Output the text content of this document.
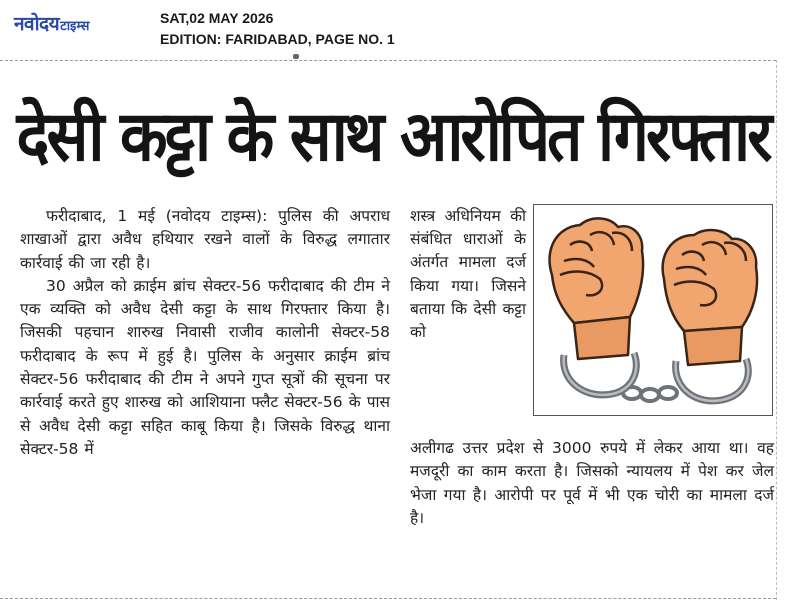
नवोदय टाइम्स
SAT,02 MAY 2026
EDITION: FARIDABAD, PAGE NO. 1
देसी कट्टा के साथ आरोपित गिरफ्तार

फरीदाबाद, 1 मई (नवोदय टाइम्स): पुलिस की अपराध शाखाओं द्वारा अवैध हथियार रखने वालों के विरुद्ध लगातार कार्रवाई की जा रही है।

30 अप्रैल को क्राईम ब्रांच सेक्टर-56 फरीदाबाद की टीम ने एक व्यक्ति को अवैध देसी कट्टा के साथ गिरफ्तार किया है। जिसकी पहचान शारुख निवासी राजीव कालोनी सेक्टर-58 फरीदाबाद के रूप में हुई है। पुलिस के अनुसार क्राईम ब्रांच सेक्टर-56 फरीदाबाद की टीम ने अपने गुप्त सूत्रों की सूचना पर कार्रवाई करते हुए शारुख को आशियाना फ्लैट सेक्टर-56 के पास से अवैध देसी कट्टा सहित काबू किया है। जिसके विरुद्ध थाना सेक्टर-58 में

शस्त्र अधिनियम की संबंधित धाराओं के अंतर्गत मामला दर्ज किया गया। जिसने बताया कि देसी कट्टा को
अलीगढ उत्तर प्रदेश से 3000 रुपये में लेकर आया था। वह मजदूरी का काम करता है। जिसको न्यायलय में पेश कर जेल भेजा गया है। आरोपी पर पूर्व में भी एक चोरी का मामला दर्ज है।
